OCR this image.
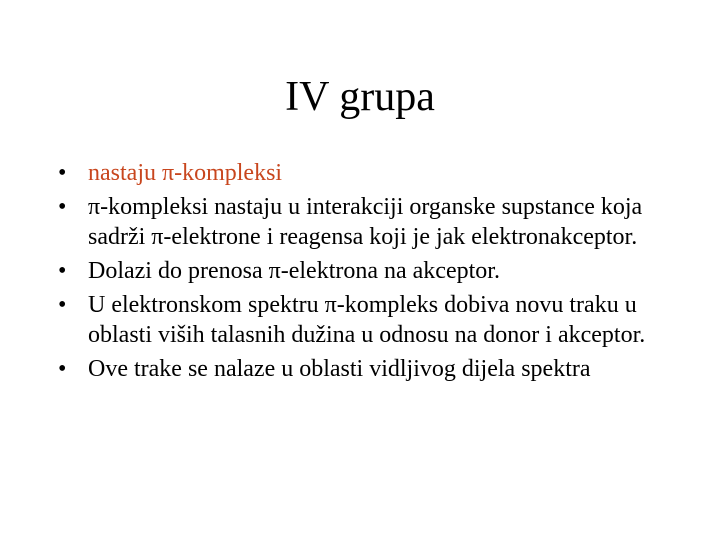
IV grupa
• nastaju π-kompleksi
• π-kompleksi nastaju u interakciji organske supstance koja sadrži π-elektrone i reagensa koji je jak elektronakceptor.
• Dolazi do prenosa π-elektrona na akceptor.
• U elektronskom spektru π-kompleks dobiva novu traku u oblasti viših talasnih dužina u odnosu na donor i akceptor.
• Ove trake se nalaze u oblasti vidljivog dijela spektra
